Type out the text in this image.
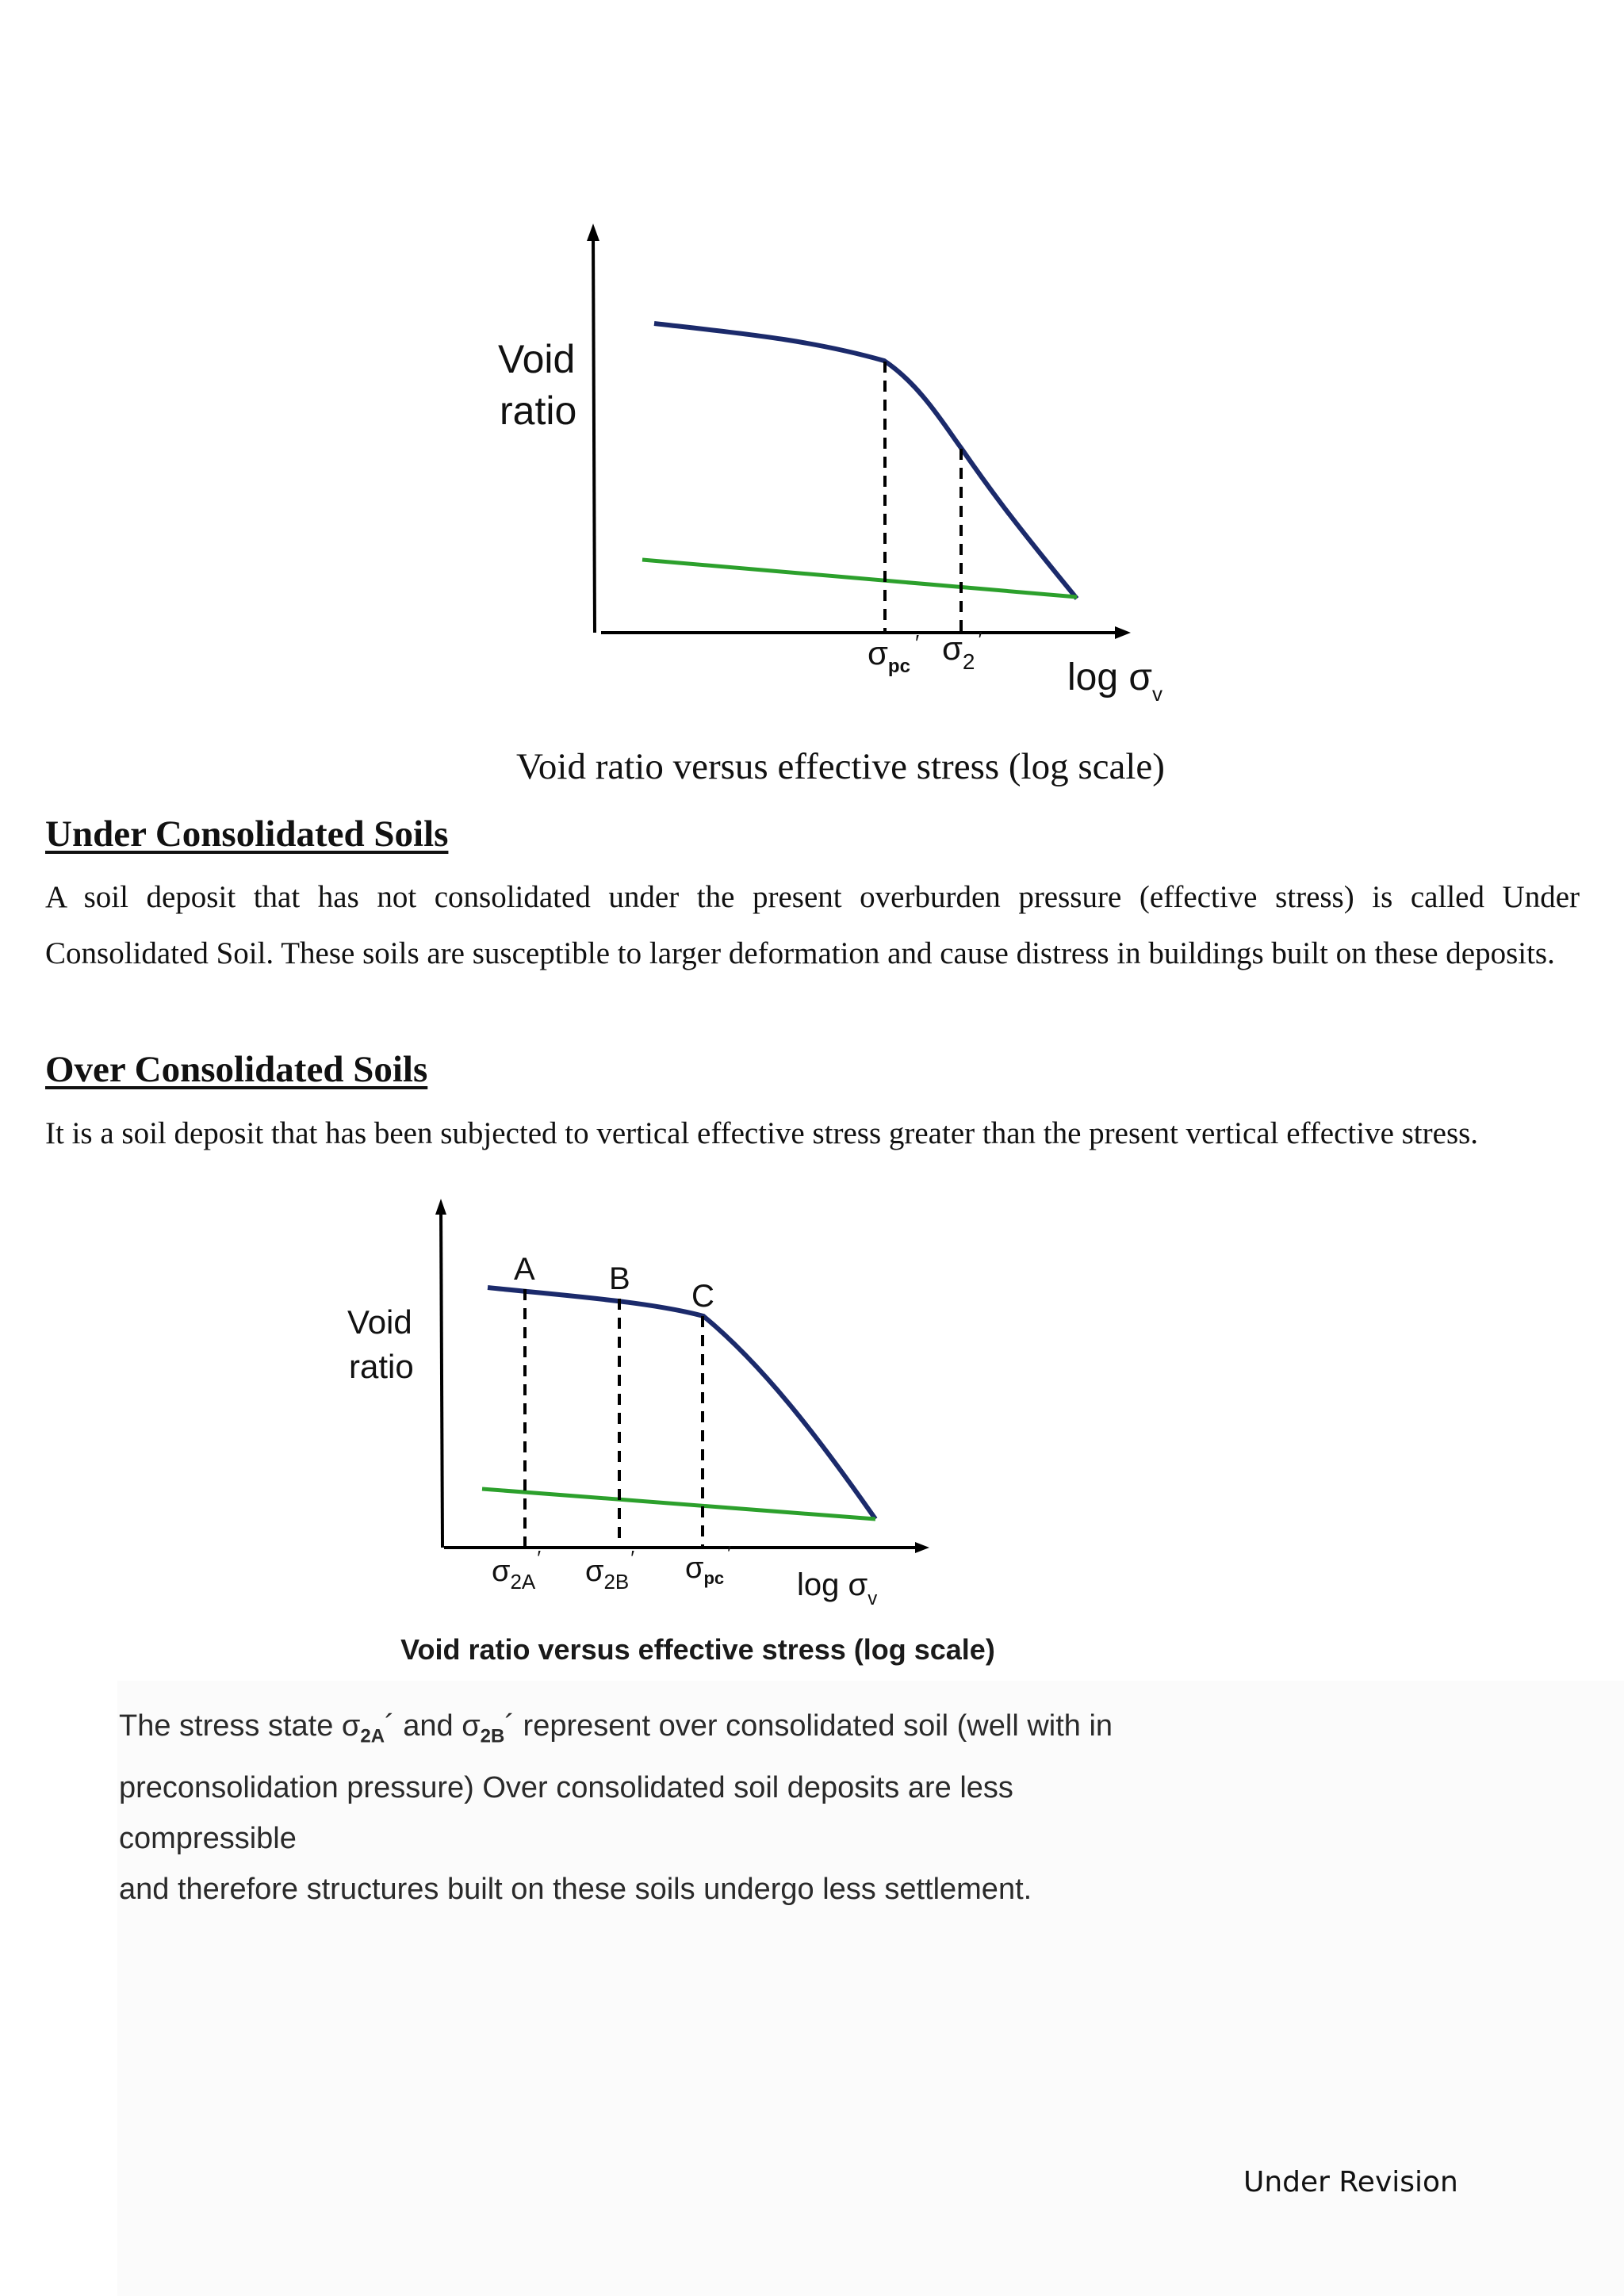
Void
ratio
$\sigma_{pc}'$ $\sigma_2'$
$\log \sigma_v$
Void ratio versus effective stress (log scale)
Under Consolidated Soils
A soil deposit that has not consolidated under the present overburden pressure (effective stress) is called Under Consolidated Soil. These soils are susceptible to larger deformation and cause distress in buildings built on these deposits.
Over Consolidated Soils
It is a soil deposit that has been subjected to vertical effective stress greater than the present vertical effective stress.
A B C
Void
ratio
$\sigma_{2A}'$ $\sigma_{2B}'$ $\sigma_{pc}'$
$\log \sigma_v$
Void ratio versus effective stress (log scale)
The stress state $\sigma_{2A}´$ and $\sigma_{2B}´$ represent over consolidated soil (well with in
preconsolidation pressure) Over consolidated soil deposits are less compressible
and therefore structures built on these soils undergo less settlement.
Under Revision
